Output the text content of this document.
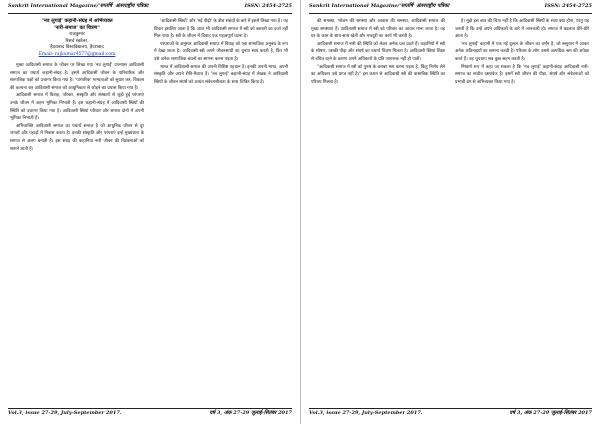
Sankrit International Magazine/'सप्तर्षि' अंतरराष्ट्रीय पत्रिका	ISSN: 2454-2725
"नव लुगाई' कहानी-संग्रह में अभिव्यक्त
'नारी-समाज' का चित्रण"
राजकुमार
रिसर्च स्कॉलर,
हैदराबाद विश्वविद्यालय, हैदराबाद
Email- rajkumar4577@gmail.com

मुख्य आदिवासी समाज के जीवन पर लिखा गया 'नव लुगाई' उपन्यास आदिवासी समाज का यथार्थ कहानी-संग्रह है। इसमें आदिवासी जीवन के पारिवारिक और सामाजिक पक्षों को उजागर किया गया है। 'पारंपरिक' मान्यताओं को सुधार कर, विकास की कल्पना कर आदिवासी समाज को आधुनिकता से जोड़ने का प्रयास किया गया है।

आदिवासी समाज में विवाह, परिवार, संस्कृति और संस्कारों से जुड़ी हुई परंपराएं उनके जीवन में अहम भूमिका निभाती हैं। इस कहानी-संग्रह में आदिवासी स्त्रियों की स्थिति को उजागर किया गया है। आदिवासी स्त्रियां परिवार और समाज दोनों में अपनी भूमिका निभाती हैं।

अभिव्यक्ति आदिवासी समाज का यथार्थ समाज है जो आधुनिक जीवन से दूर जंगलों और पहाड़ों में निवास करता है। इनकी संस्कृति और परंपराएं इन्हें मुख्यधारा के समाज से अलग बनाती हैं। इस संग्रह की कहानियां नारी जीवन की विडंबनाओं को सामने लाती हैं।

'आदिवासी स्त्रियों' और 'नई पीढ़ी' के बीच संबंधों के बारे में इसमें लिखा गया है। यह विचार इसलिए आता है कि आज भी आदिवासी समाज में स्त्री को बराबरी का दर्जा नहीं मिल पाया है। स्त्री के जीवन में विवाह एक महत्वपूर्ण घटना है।

परंपराओं के अनुसार आदिवासी समाज में विवाह को एक सामाजिक अनुबंध के रूप में देखा जाता है। आदिवासी स्त्री अपने जीवनसाथी का चुनाव स्वयं करती है, फिर भी उसे अनेक सामाजिक बंधनों का सामना करना पड़ता है।

भारत में आदिवासी समाज की अपनी विशिष्ट पहचान है। इनकी अपनी भाषा, अपनी संस्कृति और अपने रीति-रिवाज हैं। 'नव लुगाई' कहानी-संग्रह में लेखक ने आदिवासी स्त्रियों के जीवन संघर्ष को अत्यंत संवेदनशीलता के साथ चित्रित किया है।

Vol.3, issue 27-29, July-September 2017.	वर्ष 3, अंक 27-29 जुलाई-सितंबर 2017
Sankrit International Magazine/'सप्तर्षि' अंतरराष्ट्रीय पत्रिका	ISSN: 2454-2725

की समस्या, भोजन की समस्या और आवास की समस्या, आदिवासी समाज की मुख्य समस्याएं हैं। आदिवासी समाज में स्त्री को परिवार का आधार माना जाता है। वह घर के काम के साथ-साथ खेती और मजदूरी का कार्य भी करती है।

आदिवासी समाज में नारी की स्थिति को लेकर अनेक प्रश्न उठते हैं। कहानियों में स्त्री के शोषण, उसकी पीड़ा और संघर्ष का यथार्थ चित्रण मिलता है। आदिवासी स्त्रियां शिक्षा से वंचित रहने के कारण अपने अधिकारों के प्रति जागरूक नहीं हो पातीं।

"आदिवासी समाज में स्त्री को पुरुष के बराबर श्रम करना पड़ता है, किंतु निर्णय लेने का अधिकार उसे प्राप्त नहीं है।" इस कथन से आदिवासी स्त्री की वास्तविक स्थिति का परिचय मिलता है।

है। मुझे इस बात की चिंता नहीं है कि आदिवासी स्त्रियों के साथ क्या होगा, परंतु यह जरूरी है कि उन्हें अपने अधिकारों के बारे में जानकारी हो। समाज में बदलाव धीरे-धीरे आता है।

'नव लुगाई' कहानी में एक नई दुल्हन के जीवन का वर्णन है, जो ससुराल में आकर अनेक कठिनाइयों का सामना करती है। परिवार के लोग उससे अत्यधिक श्रम की अपेक्षा करते हैं। वह चुपचाप सब कुछ सहन करती है।

निष्कर्ष रूप में कहा जा सकता है कि 'नव लुगाई' कहानी-संग्रह आदिवासी नारी-समाज का सजीव दस्तावेज है। इसमें स्त्री जीवन की पीड़ा, संघर्ष और संवेदनाओं को प्रभावी ढंग से अभिव्यक्त किया गया है।

Vol.3, issue 27-29, July-September 2017.	वर्ष 3, अंक 27-29 जुलाई-सितंबर 2017
